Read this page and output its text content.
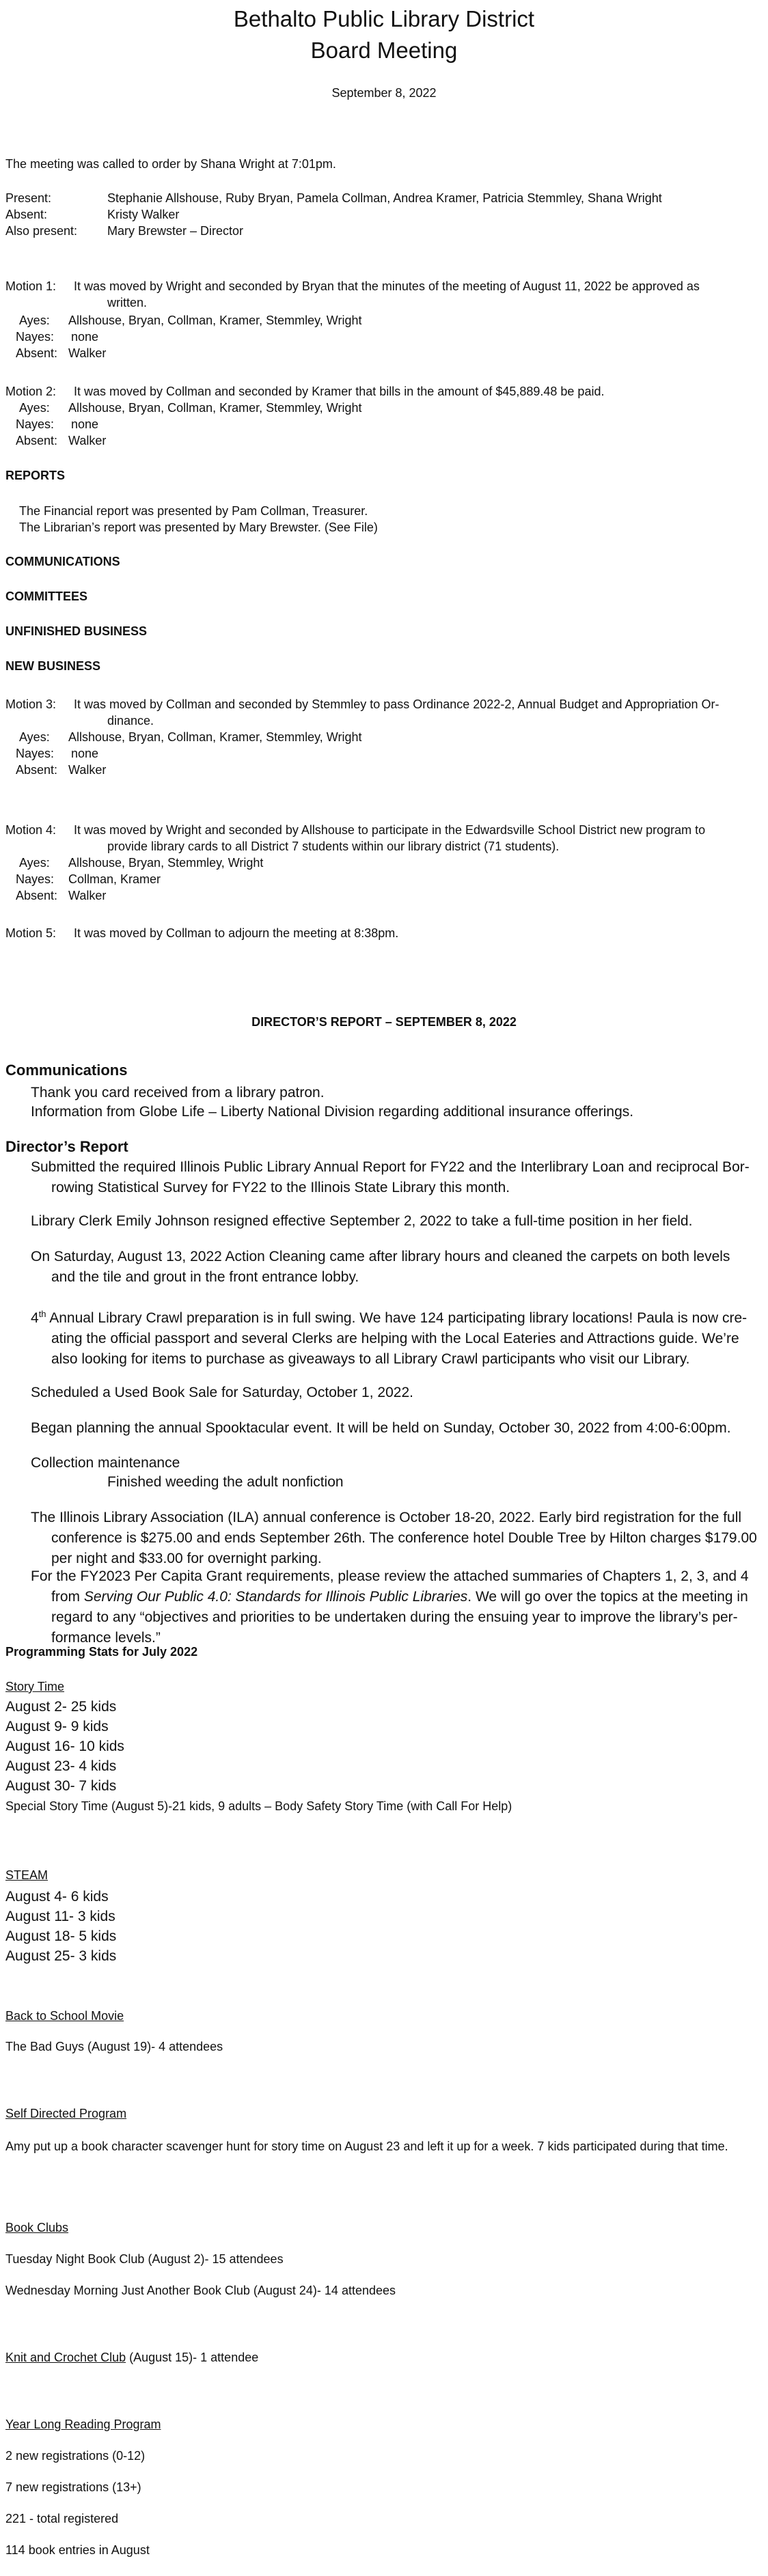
Bethalto Public Library District
Board Meeting
September 8, 2022
The meeting was called to order by Shana Wright at 7:01pm.
Present:	Stephanie Allshouse, Ruby Bryan, Pamela Collman, Andrea Kramer, Patricia Stemmley, Shana Wright
Absent:	Kristy Walker
Also present: Mary Brewster – Director
Motion 1: It was moved by Wright and seconded by Bryan that the minutes of the meeting of August 11, 2022 be approved as
written.
Ayes: Allshouse, Bryan, Collman, Kramer, Stemmley, Wright
Nayes: none
Absent: Walker
Motion 2: It was moved by Collman and seconded by Kramer that bills in the amount of $45,889.48 be paid.
Ayes: Allshouse, Bryan, Collman, Kramer, Stemmley, Wright
Nayes: none
Absent: Walker
REPORTS
The Financial report was presented by Pam Collman, Treasurer.
The Librarian’s report was presented by Mary Brewster. (See File)
COMMUNICATIONS
COMMITTEES
UNFINISHED BUSINESS
NEW BUSINESS
Motion 3: It was moved by Collman and seconded by Stemmley to pass Ordinance 2022-2, Annual Budget and Appropriation Or-
dinance.
Ayes: Allshouse, Bryan, Collman, Kramer, Stemmley, Wright
Nayes: none
Absent: Walker
Motion 4: It was moved by Wright and seconded by Allshouse to participate in the Edwardsville School District new program to
provide library cards to all District 7 students within our library district (71 students).
Ayes: Allshouse, Bryan, Stemmley, Wright
Nayes: Collman, Kramer
Absent: Walker
Motion 5: It was moved by Collman to adjourn the meeting at 8:38pm.
DIRECTOR’S REPORT – SEPTEMBER 8, 2022
Communications
Thank you card received from a library patron.
Information from Globe Life – Liberty National Division regarding additional insurance offerings.
Director’s Report
Submitted the required Illinois Public Library Annual Report for FY22 and the Interlibrary Loan and reciprocal Bor-rowing Statistical Survey for FY22 to the Illinois State Library this month.
Library Clerk Emily Johnson resigned effective September 2, 2022 to take a full-time position in her field.
On Saturday, August 13, 2022 Action Cleaning came after library hours and cleaned the carpets on both levels and the tile and grout in the front entrance lobby.
4th Annual Library Crawl preparation is in full swing. We have 124 participating library locations! Paula is now cre-ating the official passport and several Clerks are helping with the Local Eateries and Attractions guide. We’re also looking for items to purchase as giveaways to all Library Crawl participants who visit our Library.
Scheduled a Used Book Sale for Saturday, October 1, 2022.
Began planning the annual Spooktacular event. It will be held on Sunday, October 30, 2022 from 4:00-6:00pm.
Collection maintenance
Finished weeding the adult nonfiction
The Illinois Library Association (ILA) annual conference is October 18-20, 2022. Early bird registration for the full conference is $275.00 and ends September 26th. The conference hotel Double Tree by Hilton charges $179.00 per night and $33.00 for overnight parking.
For the FY2023 Per Capita Grant requirements, please review the attached summaries of Chapters 1, 2, 3, and 4 from Serving Our Public 4.0: Standards for Illinois Public Libraries. We will go over the topics at the meeting in regard to any “objectives and priorities to be undertaken during the ensuing year to improve the library’s per-formance levels.”
Programming Stats for July 2022
Story Time
August 2- 25 kids
August 9- 9 kids
August 16- 10 kids
August 23- 4 kids
August 30- 7 kids
Special Story Time (August 5)-21 kids, 9 adults – Body Safety Story Time (with Call For Help)
STEAM
August 4- 6 kids
August 11- 3 kids
August 18- 5 kids
August 25- 3 kids
Back to School Movie
The Bad Guys (August 19)- 4 attendees
Self Directed Program
Amy put up a book character scavenger hunt for story time on August 23 and left it up for a week. 7 kids participated during that time.
Book Clubs
Tuesday Night Book Club (August 2)- 15 attendees
Wednesday Morning Just Another Book Club (August 24)- 14 attendees
Knit and Crochet Club (August 15)- 1 attendee
Year Long Reading Program
2 new registrations (0-12)
7 new registrations (13+)
221 - total registered
114 book entries in August
